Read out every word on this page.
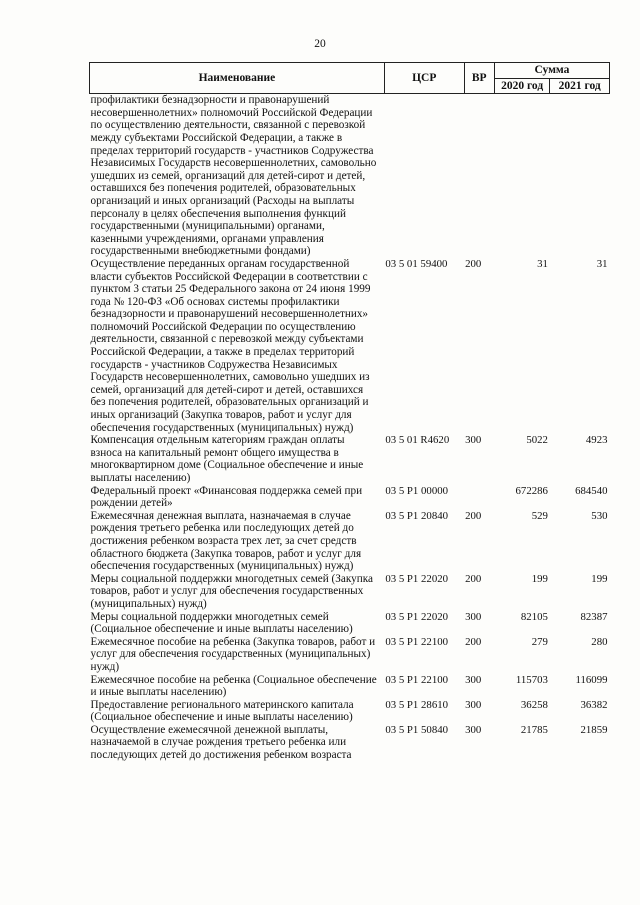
20
Наименование	ЦСР	ВР	Сумма	
			2020 год	2021 год
профилактики безнадзорности и правонарушений несовершеннолетних» полномочий Российской Федерации по осуществлению деятельности, связанной с перевозкой между субъектами Российской Федерации, а также в пределах территорий государств - участников Содружества Независимых Государств несовершеннолетних, самовольно ушедших из семей, организаций для детей-сирот и детей, оставшихся без попечения родителей, образовательных организаций и иных организаций (Расходы на выплаты персоналу в целях обеспечения выполнения функций государственными (муниципальными) органами, казенными учреждениями, органами управления государственными внебюджетными фондами)				
Осуществление переданных органам государственной власти субъектов Российской Федерации в соответствии с пунктом 3 статьи 25 Федерального закона от 24 июня 1999 года № 120-ФЗ «Об основах системы профилактики безнадзорности и правонарушений несовершеннолетних» полномочий Российской Федерации по осуществлению деятельности, связанной с перевозкой между субъектами Российской Федерации, а также в пределах территорий государств - участников Содружества Независимых Государств несовершеннолетних, самовольно ушедших из семей, организаций для детей-сирот и детей, оставшихся без попечения родителей, образовательных организаций и иных организаций (Закупка товаров, работ и услуг для обеспечения государственных (муниципальных) нужд)	03 5 01 59400	200	31	31
Компенсация отдельным категориям граждан оплаты взноса на капитальный ремонт общего имущества в многоквартирном доме (Социальное обеспечение и иные выплаты населению)	03 5 01 R4620	300	5022	4923
Федеральный проект «Финансовая поддержка семей при рождении детей»	03 5 P1 00000		672286	684540
Ежемесячная денежная выплата, назначаемая в случае рождения третьего ребенка или последующих детей до достижения ребенком возраста трех лет, за счет средств областного бюджета (Закупка товаров, работ и услуг для обеспечения государственных (муниципальных) нужд)	03 5 P1 20840	200	529	530
Меры социальной поддержки многодетных семей (Закупка товаров, работ и услуг для обеспечения государственных (муниципальных) нужд)	03 5 P1 22020	200	199	199
Меры социальной поддержки многодетных семей (Социальное обеспечение и иные выплаты населению)	03 5 P1 22020	300	82105	82387
Ежемесячное пособие на ребенка (Закупка товаров, работ и услуг для обеспечения государственных (муниципальных) нужд)	03 5 P1 22100	200	279	280
Ежемесячное пособие на ребенка (Социальное обеспечение и иные выплаты населению)	03 5 P1 22100	300	115703	116099
Предоставление регионального материнского капитала (Социальное обеспечение и иные выплаты населению)	03 5 P1 28610	300	36258	36382
Осуществление ежемесячной денежной выплаты, назначаемой в случае рождения третьего ребенка или последующих детей до достижения ребенком возраста	03 5 P1 50840	300	21785	21859
